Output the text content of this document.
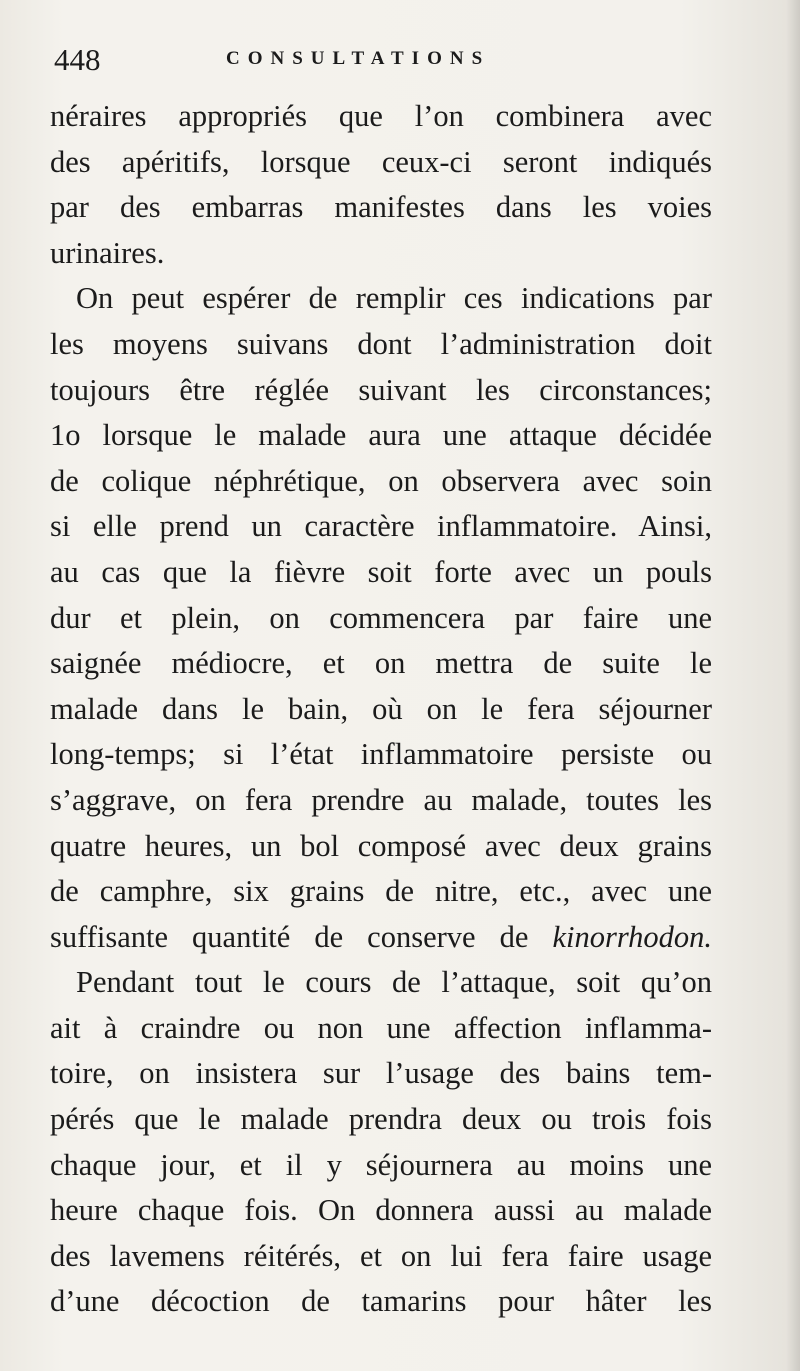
448	CONSULTATIONS
néraires appropriés que l’on combinera avec
des apéritifs, lorsque ceux-ci seront indiqués
par des embarras manifestes dans les voies
urinaires.
On peut espérer de remplir ces indications par
les moyens suivans dont l’administration doit
toujours être réglée suivant les circonstances;
1o lorsque le malade aura une attaque décidée
de colique néphrétique, on observera avec soin
si elle prend un caractère inflammatoire. Ainsi,
au cas que la fièvre soit forte avec un pouls
dur et plein, on commencera par faire une
saignée médiocre, et on mettra de suite le
malade dans le bain, où on le fera séjourner
long-temps; si l’état inflammatoire persiste ou
s’aggrave, on fera prendre au malade, toutes les
quatre heures, un bol composé avec deux grains
de camphre, six grains de nitre, etc., avec une
suffisante quantité de conserve de kinorrhodon.
Pendant tout le cours de l’attaque, soit qu’on
ait à craindre ou non une affection inflamma-
toire, on insistera sur l’usage des bains tem-
pérés que le malade prendra deux ou trois fois
chaque jour, et il y séjournera au moins une
heure chaque fois. On donnera aussi au malade
des lavemens réitérés, et on lui fera faire usage
d’une décoction de tamarins pour hâter les
